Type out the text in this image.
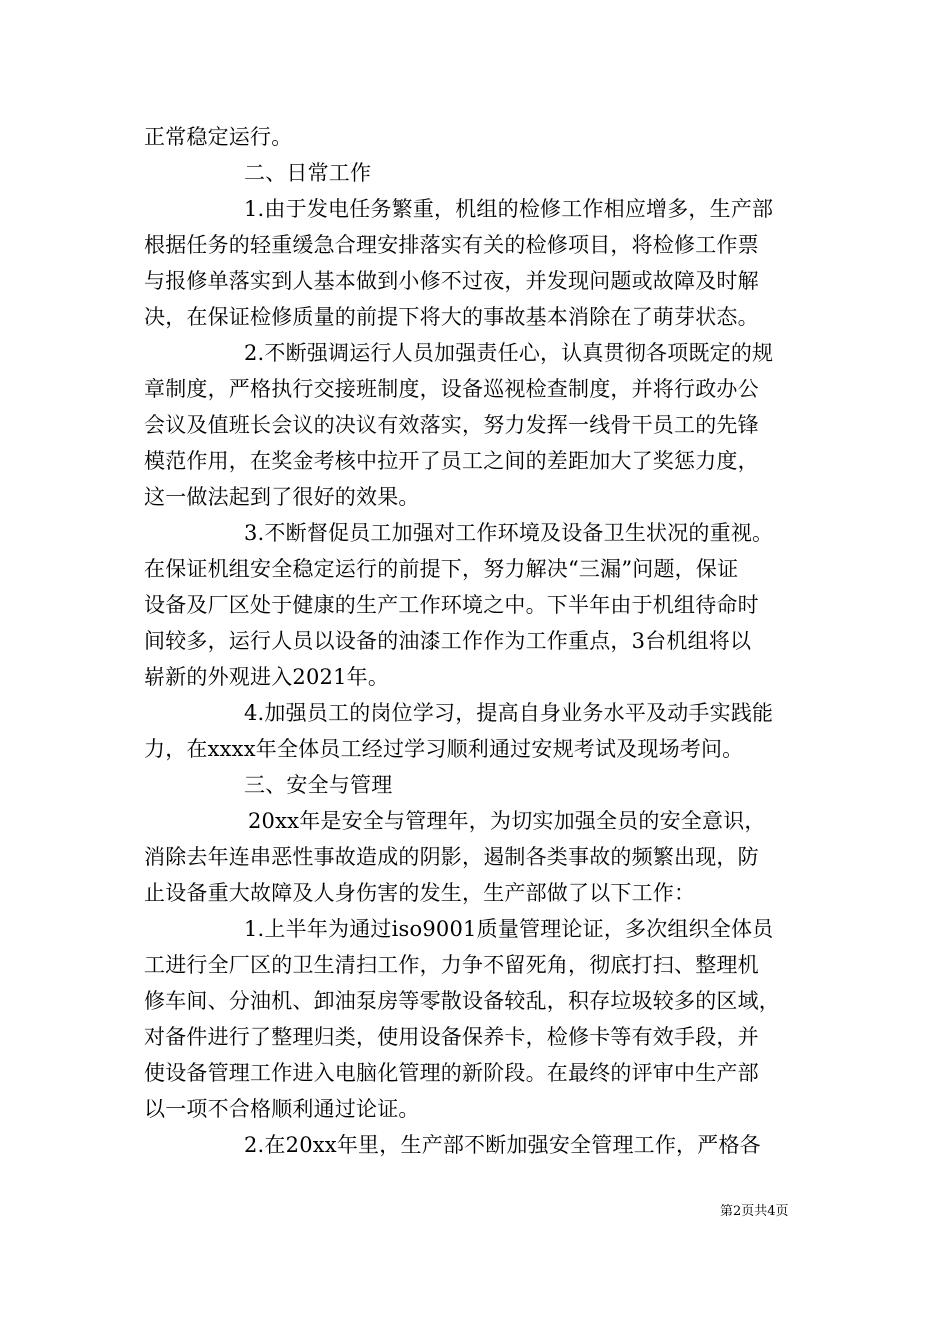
正常稳定运行。
二、日常工作
1.由于发电任务繁重，机组的检修工作相应增多，生产部
根据任务的轻重缓急合理安排落实有关的检修项目，将检修工作票
与报修单落实到人基本做到小修不过夜，并发现问题或故障及时解
决，在保证检修质量的前提下将大的事故基本消除在了萌芽状态。
2.不断强调运行人员加强责任心，认真贯彻各项既定的规
章制度，严格执行交接班制度，设备巡视检查制度，并将行政办公
会议及值班长会议的决议有效落实，努力发挥一线骨干员工的先锋
模范作用，在奖金考核中拉开了员工之间的差距加大了奖惩力度，
这一做法起到了很好的效果。
3.不断督促员工加强对工作环境及设备卫生状况的重视。
在保证机组安全稳定运行的前提下，努力解决“三漏”问题，保证
设备及厂区处于健康的生产工作环境之中。下半年由于机组待命时
间较多，运行人员以设备的油漆工作作为工作重点，3台机组将以
崭新的外观进入2021年。
4.加强员工的岗位学习，提高自身业务水平及动手实践能
力，在xxxx年全体员工经过学习顺利通过安规考试及现场考问。
三、安全与管理
20xx年是安全与管理年，为切实加强全员的安全意识，
消除去年连串恶性事故造成的阴影，遏制各类事故的频繁出现，防
止设备重大故障及人身伤害的发生，生产部做了以下工作：
1.上半年为通过iso9001质量管理论证，多次组织全体员
工进行全厂区的卫生清扫工作，力争不留死角，彻底打扫、整理机
修车间、分油机、卸油泵房等零散设备较乱，积存垃圾较多的区域，
对备件进行了整理归类，使用设备保养卡，检修卡等有效手段，并
使设备管理工作进入电脑化管理的新阶段。在最终的评审中生产部
以一项不合格顺利通过论证。
2.在20xx年里，生产部不断加强安全管理工作，严格各
第2页共4页
